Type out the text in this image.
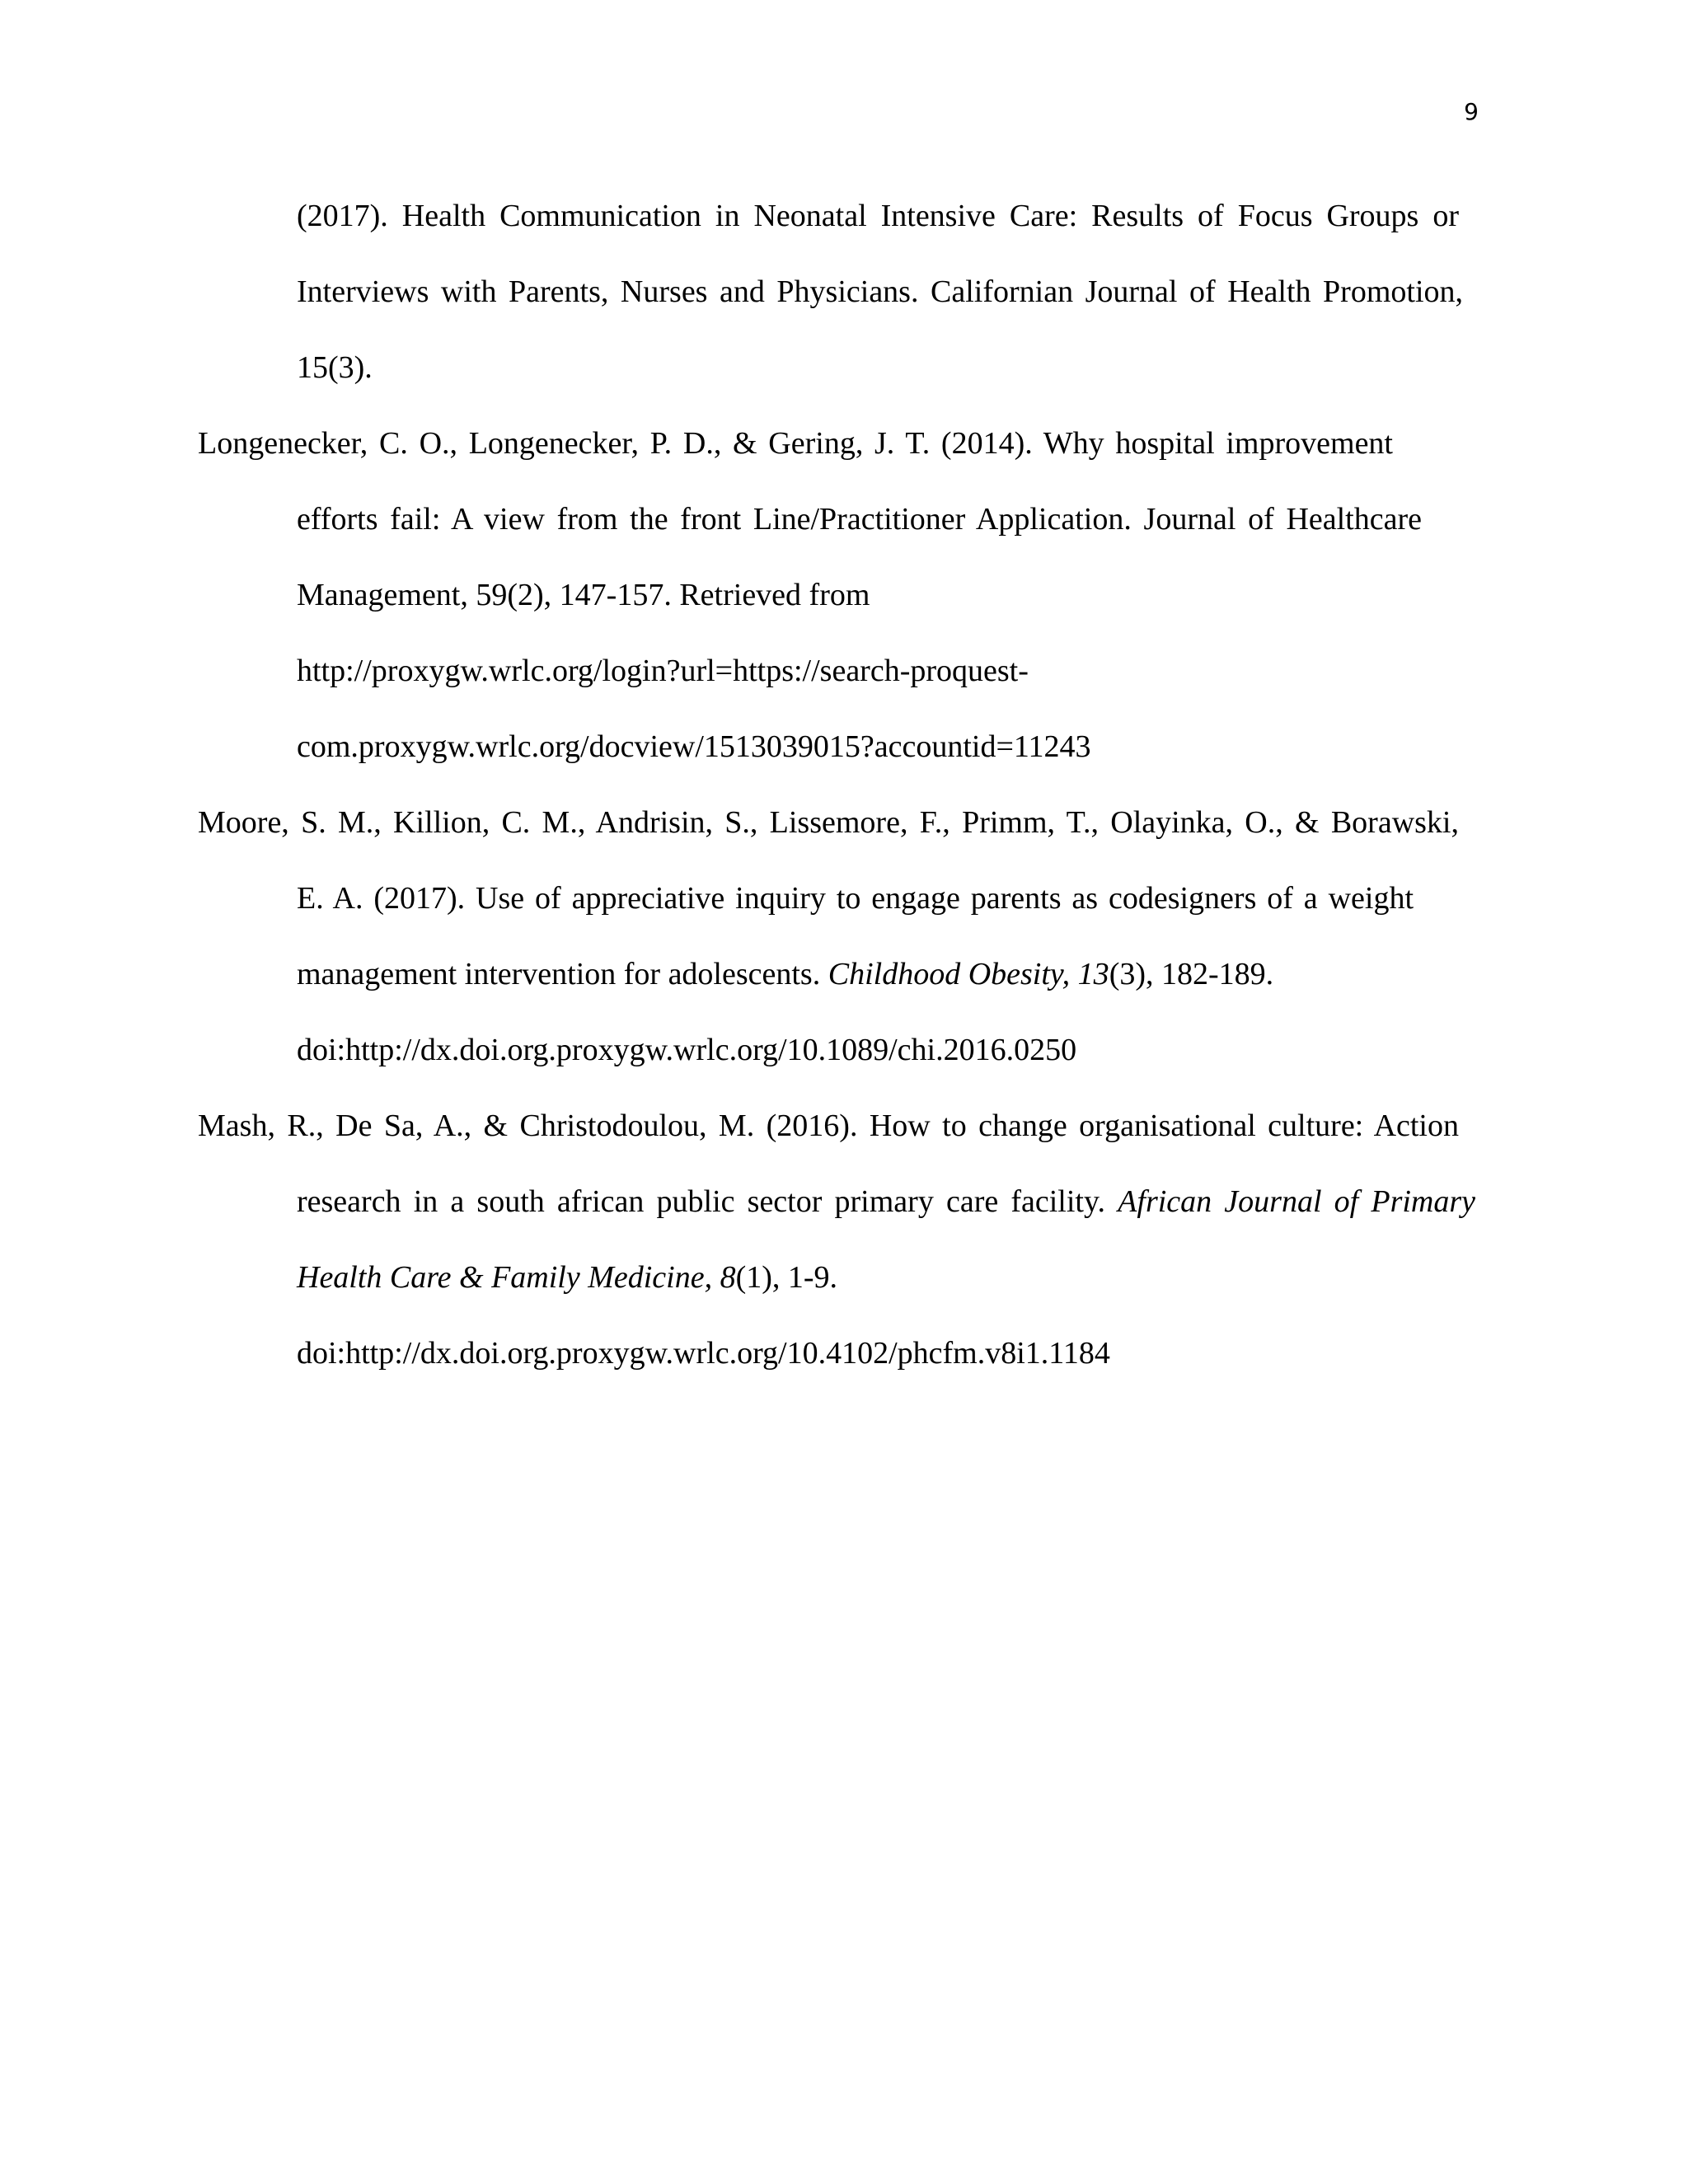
9
(2017). Health Communication in Neonatal Intensive Care: Results of Focus Groups or
Interviews with Parents, Nurses and Physicians. Californian Journal of Health Promotion,
15(3).
Longenecker, C. O., Longenecker, P. D., & Gering, J. T. (2014). Why hospital improvement
efforts fail: A view from the front Line/Practitioner Application. Journal of Healthcare
Management, 59(2), 147-157. Retrieved from
http://proxygw.wrlc.org/login?url=https://search-proquest-
com.proxygw.wrlc.org/docview/1513039015?accountid=11243
Moore, S. M., Killion, C. M., Andrisin, S., Lissemore, F., Primm, T., Olayinka, O., & Borawski,
E. A. (2017). Use of appreciative inquiry to engage parents as codesigners of a weight
management intervention for adolescents. Childhood Obesity, 13(3), 182-189.
doi:http://dx.doi.org.proxygw.wrlc.org/10.1089/chi.2016.0250
Mash, R., De Sa, A., & Christodoulou, M. (2016). How to change organisational culture: Action
research in a south african public sector primary care facility. African Journal of Primary
Health Care & Family Medicine, 8(1), 1-9.
doi:http://dx.doi.org.proxygw.wrlc.org/10.4102/phcfm.v8i1.1184
